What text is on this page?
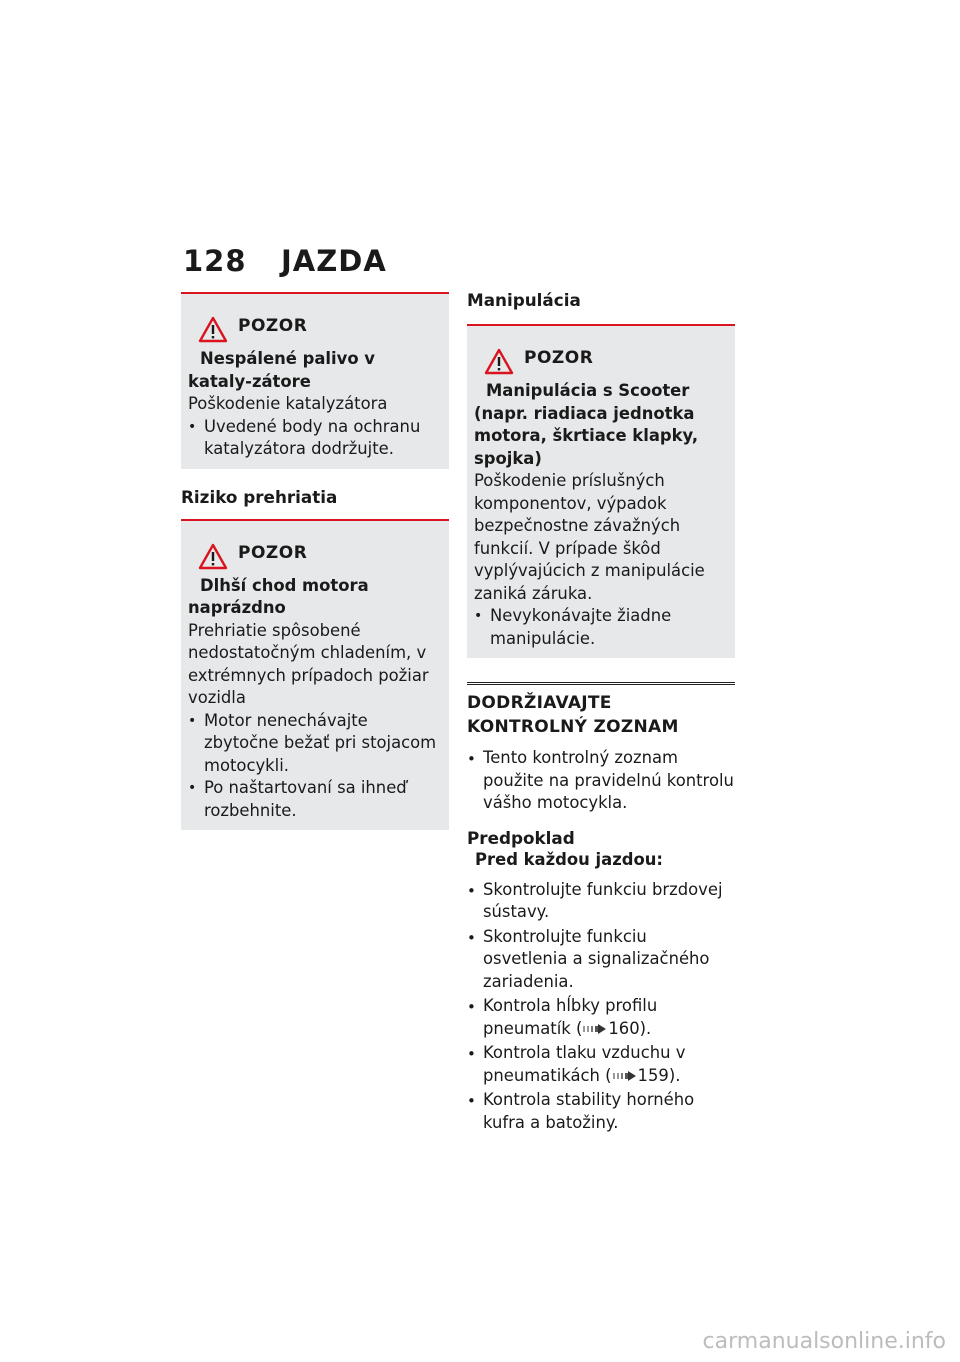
128 JAZDA
POZOR
Nespálené palivo v kataly-zátore
Poškodenie katalyzátora

• Uvedené body na ochranu katalyzátora dodržujte.

Riziko prehriatia
POZOR
Dlhší chod motora naprázdno
Prehriatie spôsobené nedostatočným chladením, v extrémnych prípadoch požiar vozidla

• Motor nenechávajte zbytočne bežať pri stojacom motocykli.

• Po naštartovaní sa ihneď rozbehnite.

Manipulácia
POZOR
Manipulácia s Scooter (napr. riadiaca jednotka motora, škrtiace klapky, spojka)
Poškodenie príslušných komponentov, výpadok bezpečnostne závažných funkcií. V prípade škôd vyplývajúcich z manipulácie zaniká záruka.

• Nevykonávajte žiadne manipulácie.

DODRŽIAVAJTE KONTROLNÝ ZOZNAM

• Tento kontrolný zoznam použite na pravidelnú kontrolu vášho motocykla.

Predpoklad
Pred každou jazdou:

• Skontrolujte funkciu brzdovej sústavy.

• Skontrolujte funkciu osvetlenia a signalizačného zariadenia.

• Kontrola hĺbky profilu pneumatík ( 160).

• Kontrola tlaku vzduchu v pneumatikách ( 159).

• Kontrola stability horného kufra a batožiny.

carmanualsonline.info
